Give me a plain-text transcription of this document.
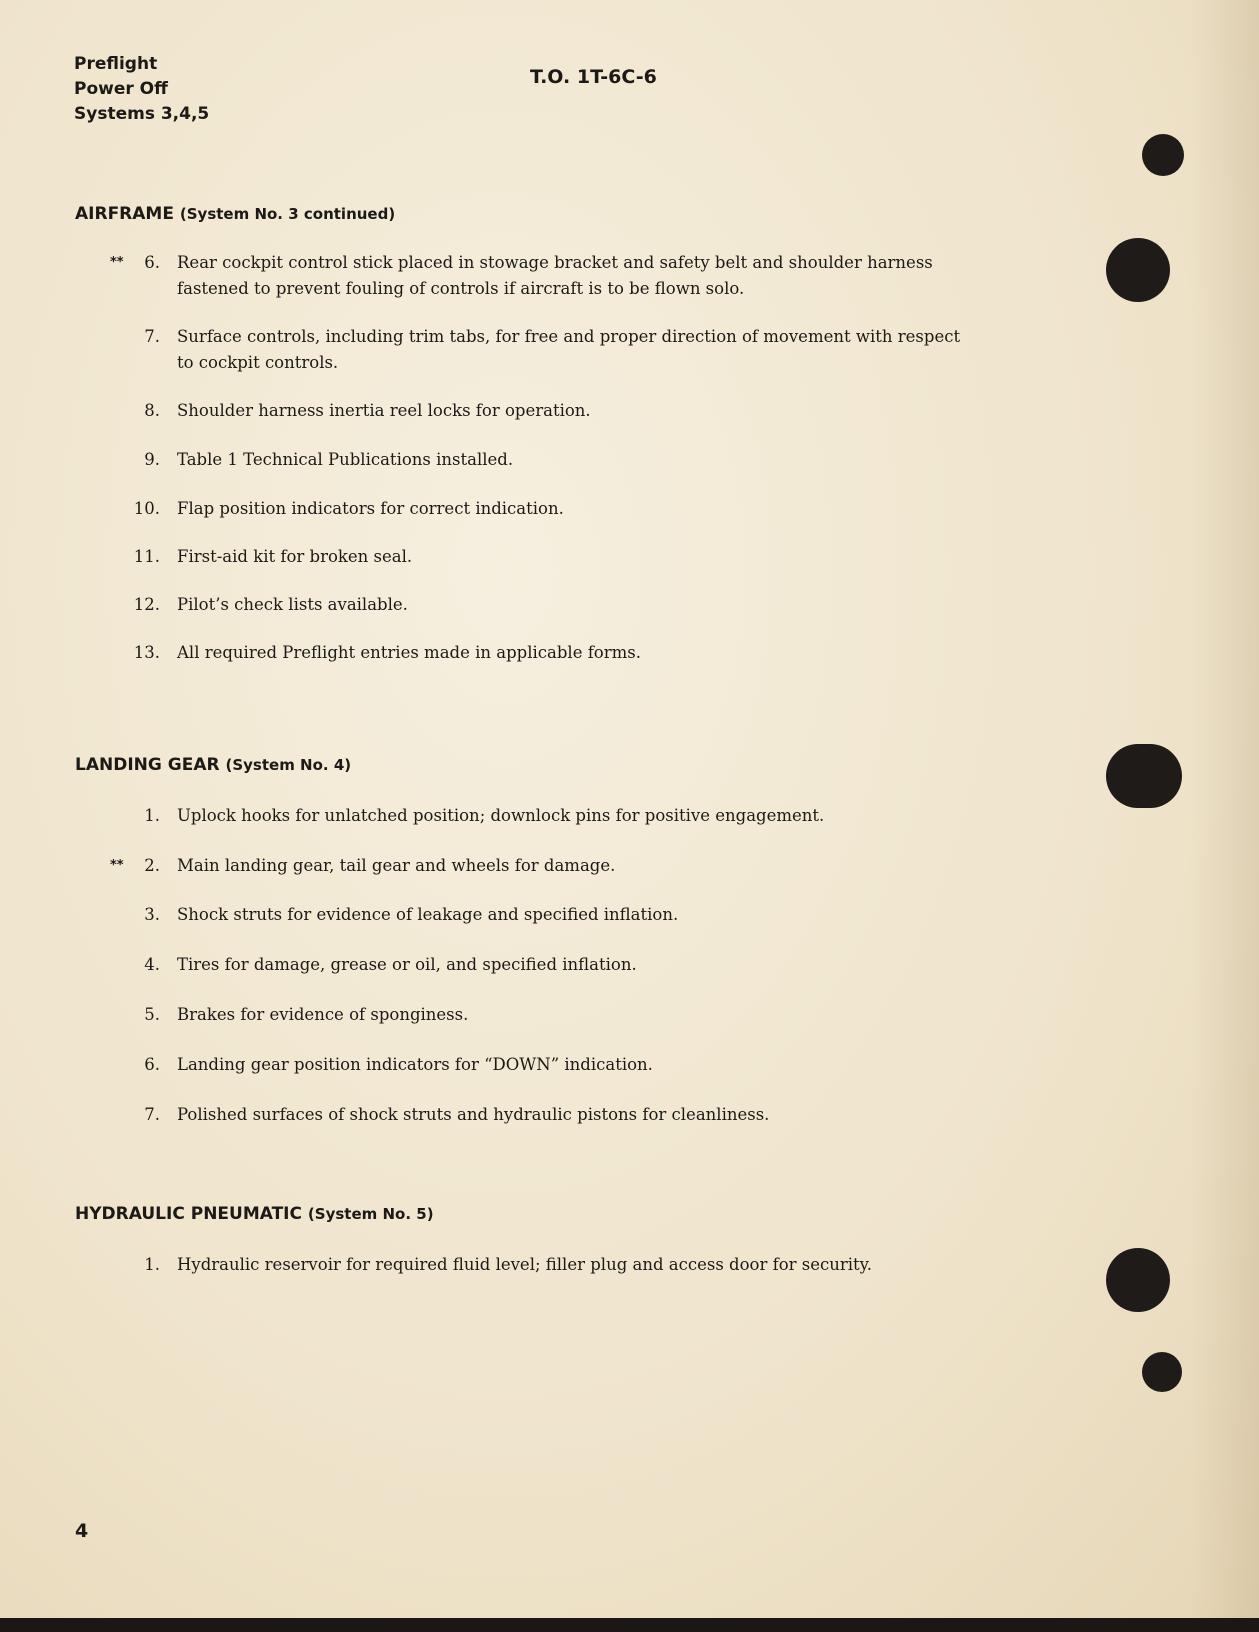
Preflight
Power Off
Systems 3,4,5
T.O. 1T-6C-6
AIRFRAME (System No. 3 continued)
**	6. Rear cockpit control stick placed in stowage bracket and safety belt and shoulder harness
fastened to prevent fouling of controls if aircraft is to be flown solo.
7. Surface controls, including trim tabs, for free and proper direction of movement with respect
to cockpit controls.
8. Shoulder harness inertia reel locks for operation.
9. Table 1 Technical Publications installed.
10. Flap position indicators for correct indication.
11. First-aid kit for broken seal.
12. Pilot’s check lists available.
13. All required Preflight entries made in applicable forms.
LANDING GEAR (System No. 4)
1. Uplock hooks for unlatched position; downlock pins for positive engagement.
**	2. Main landing gear, tail gear and wheels for damage.
3. Shock struts for evidence of leakage and specified inflation.
4. Tires for damage, grease or oil, and specified inflation.
5. Brakes for evidence of sponginess.
6. Landing gear position indicators for “DOWN” indication.
7. Polished surfaces of shock struts and hydraulic pistons for cleanliness.
HYDRAULIC PNEUMATIC (System No. 5)
1. Hydraulic reservoir for required fluid level; filler plug and access door for security.
4
